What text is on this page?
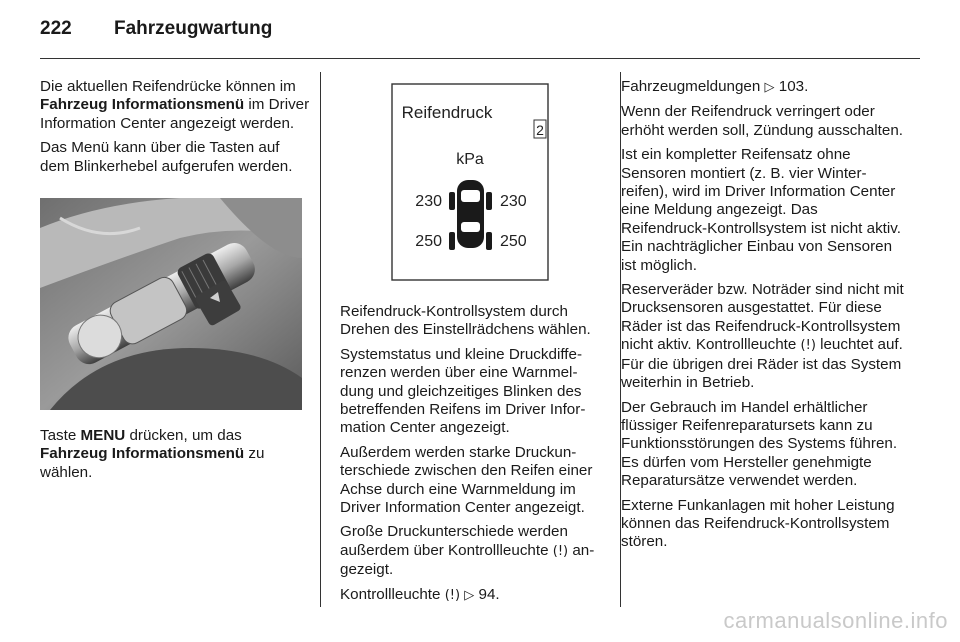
222 Fahrzeugwartung

Die aktuellen Reifendrücke können im Fahrzeug Informationsmenü im Driver Information Center angezeigt werden.

Das Menü kann über die Tasten auf dem Blinkerhebel aufgerufen werden.

Taste MENU drücken, um das Fahrzeug Informationsmenü zu wählen.

Reifendruck
2
kPa
230	230
250	250

Reifendruck-Kontrollsystem durch Drehen des Einstellrädchens wählen.

Systemstatus und kleine Druckdifferenzen werden über eine Warnmeldung und gleichzeitiges Blinken des betreffenden Reifens im Driver Information Center angezeigt.

Außerdem werden starke Druckunterschiede zwischen den Reifen einer Achse durch eine Warnmeldung im Driver Information Center angezeigt.

Große Druckunterschiede werden außerdem über Kontrollleuchte (!) angezeigt.

Kontrollleuchte (!) ▷ 94.

Fahrzeugmeldungen ▷ 103.

Wenn der Reifendruck verringert oder erhöht werden soll, Zündung ausschalten.

Ist ein kompletter Reifensatz ohne Sensoren montiert (z. B. vier Winterreifen), wird im Driver Information Center eine Meldung angezeigt. Das Reifendruck-Kontrollsystem ist nicht aktiv. Ein nachträglicher Einbau von Sensoren ist möglich.

Reserveräder bzw. Noträder sind nicht mit Drucksensoren ausgestattet. Für diese Räder ist das Reifendruck-Kontrollsystem nicht aktiv. Kontrollleuchte (!) leuchtet auf. Für die übrigen drei Räder ist das System weiterhin in Betrieb.

Der Gebrauch im Handel erhältlicher flüssiger Reifenreparatursets kann zu Funktionsstörungen des Systems führen. Es dürfen vom Hersteller genehmigte Reparatursätze verwendet werden.

Externe Funkanlagen mit hoher Leistung können das Reifendruck-Kontrollsystem stören.

carmanualsonline.info
